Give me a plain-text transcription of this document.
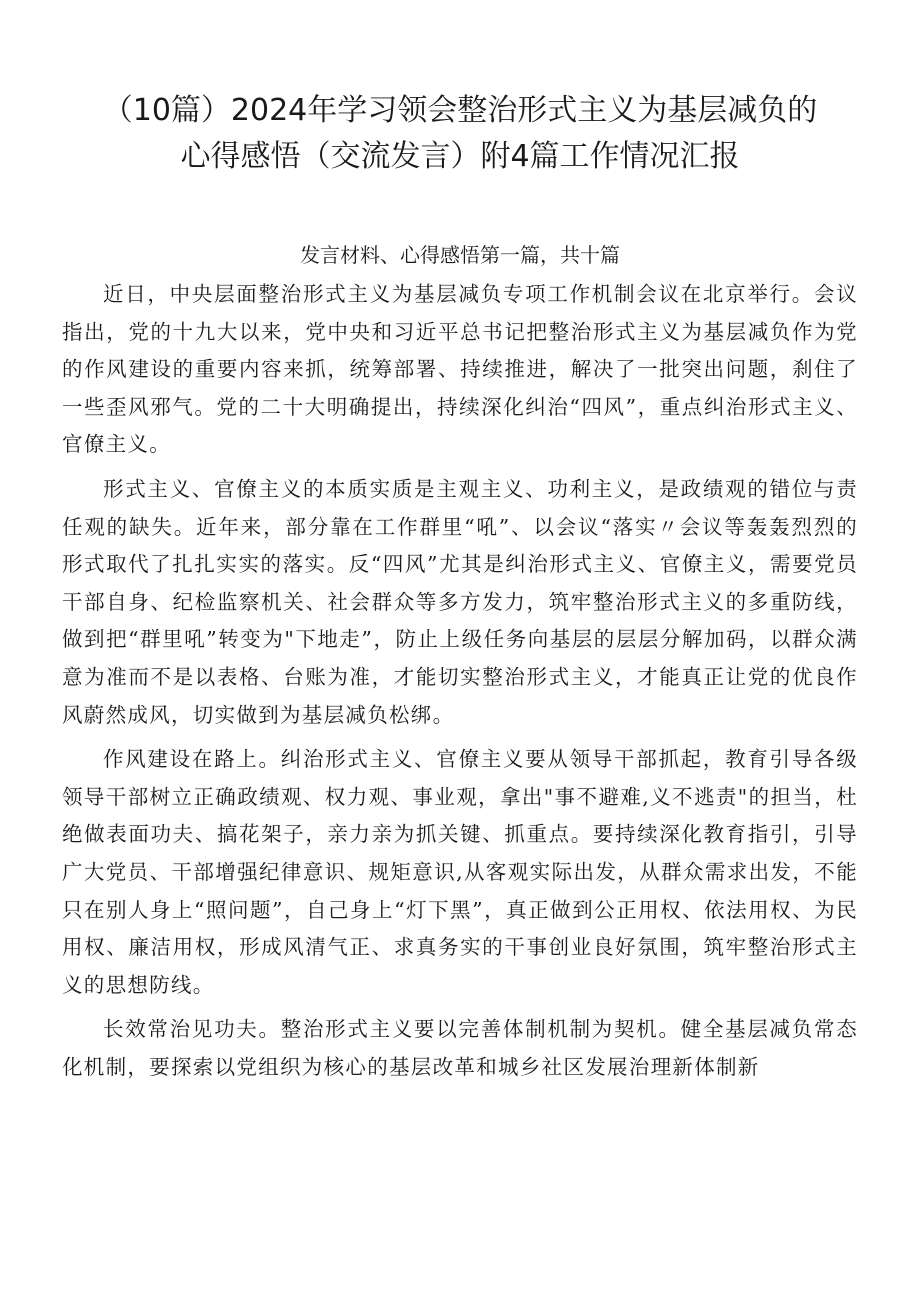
（10篇）2024年学习领会整治形式主义为基层减负的
心得感悟（交流发言）附4篇工作情况汇报

发言材料、心得感悟第一篇，共十篇

近日，中央层面整治形式主义为基层减负专项工作机制会议在北京举行。会议指出，党的十九大以来，党中央和习近平总书记把整治形式主义为基层减负作为党的作风建设的重要内容来抓，统筹部署、持续推进，解决了一批突出问题，刹住了一些歪风邪气。党的二十大明确提出，持续深化纠治“四风”，重点纠治形式主义、官僚主义。

形式主义、官僚主义的本质实质是主观主义、功利主义，是政绩观的错位与责任观的缺失。近年来，部分靠在工作群里“吼”、以会议“落实〃会议等轰轰烈烈的形式取代了扎扎实实的落实。反“四风”尤其是纠治形式主义、官僚主义，需要党员干部自身、纪检监察机关、社会群众等多方发力，筑牢整治形式主义的多重防线，做到把“群里吼”转变为"下地走”，防止上级任务向基层的层层分解加码，以群众满意为准而不是以表格、台账为准，才能切实整治形式主义，才能真正让党的优良作风蔚然成风，切实做到为基层减负松绑。

作风建设在路上。纠治形式主义、官僚主义要从领导干部抓起，教育引导各级领导干部树立正确政绩观、权力观、事业观，拿出"事不避难,义不逃责"的担当，杜绝做表面功夫、搞花架子，亲力亲为抓关键、抓重点。要持续深化教育指引，引导广大党员、干部增强纪律意识、规矩意识,从客观实际出发，从群众需求出发，不能只在别人身上“照问题”，自己身上“灯下黑”，真正做到公正用权、依法用权、为民用权、廉洁用权，形成风清气正、求真务实的干事创业良好氛围，筑牢整治形式主义的思想防线。

长效常治见功夫。整治形式主义要以完善体制机制为契机。健全基层减负常态化机制，要探索以党组织为核心的基层改革和城乡社区发展治理新体制新
